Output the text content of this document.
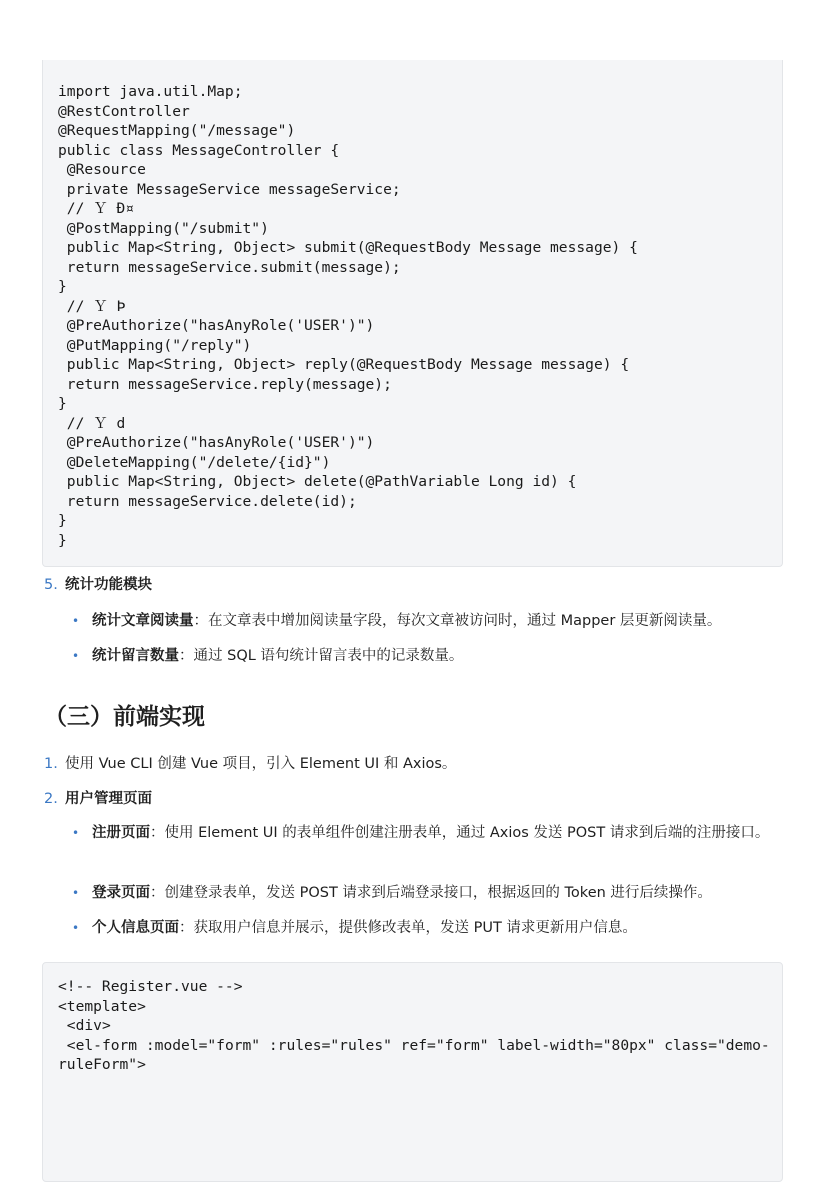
import java.util.Map;
@RestController
@RequestMapping("/message")
public class MessageController {
@Resource
private MessageService messageService;
// Ｙ Ð¤
@PostMapping("/submit")
public Map<String, Object> submit(@RequestBody Message message) {
return messageService.submit(message);
}
// Ｙ Þ
@PreAuthorize("hasAnyRole('USER')")
@PutMapping("/reply")
public Map<String, Object> reply(@RequestBody Message message) {
return messageService.reply(message);
}
// Ｙ d
@PreAuthorize("hasAnyRole('USER')")
@DeleteMapping("/delete/{id}")
public Map<String, Object> delete(@PathVariable Long id) {
return messageService.delete(id);
}
}
5. 统计功能模块
• 统计文章阅读量：在文章表中增加阅读量字段，每次文章被访问时，通过 Mapper 层更新阅读量。
• 统计留言数量：通过 SQL 语句统计留言表中的记录数量。
（三）前端实现
1. 使用 Vue CLI 创建 Vue 项目，引入 Element UI 和 Axios。
2. 用户管理页面
• 注册页面：使用 Element UI 的表单组件创建注册表单，通过 Axios 发送 POST 请求到后端的注册接口。
• 登录页面：创建登录表单，发送 POST 请求到后端登录接口，根据返回的 Token 进行后续操作。
• 个人信息页面：获取用户信息并展示，提供修改表单，发送 PUT 请求更新用户信息。
<!-- Register.vue -->
<template>
<div>
<el-form :model="form" :rules="rules" ref="form" label-width="80px" class="demo-ruleForm">
